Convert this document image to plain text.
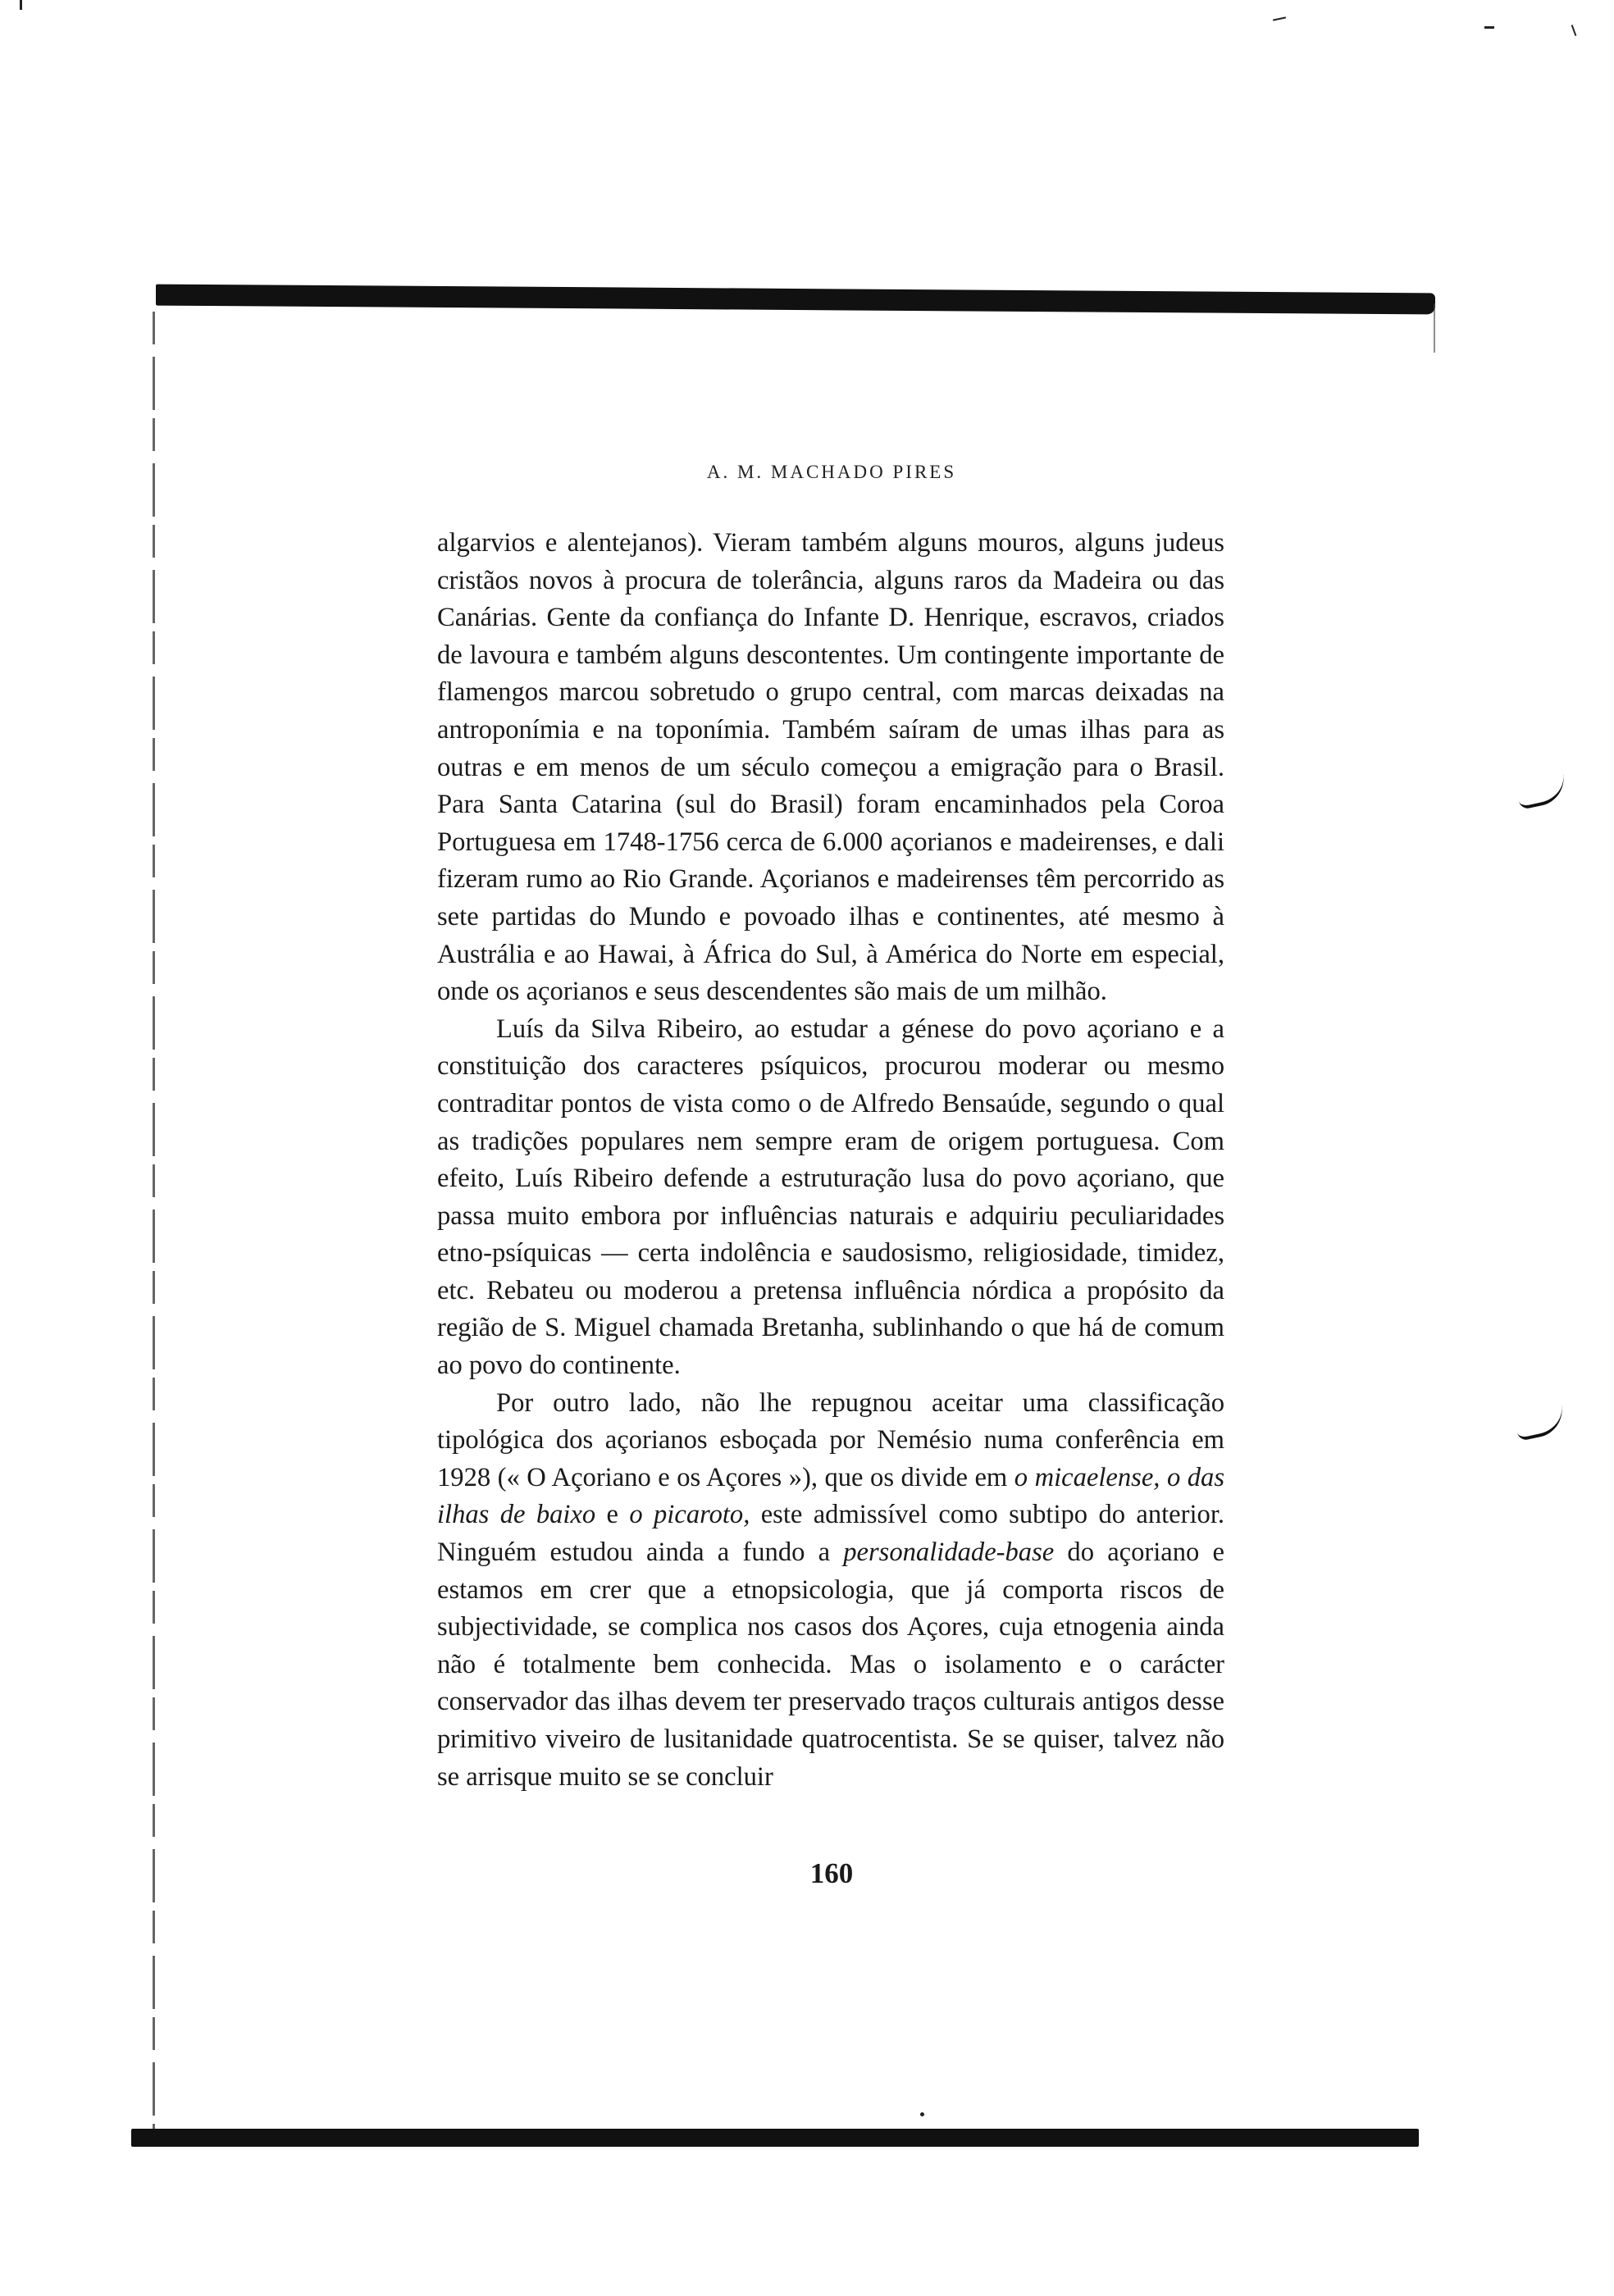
A. M. MACHADO PIRES

algarvios e alentejanos). Vieram também alguns mouros, alguns judeus cristãos novos à procura de tolerância, alguns raros da Madeira ou das Canárias. Gente da confiança do Infante D. Henrique, escravos, criados de lavoura e também alguns descontentes. Um contingente importante de flamengos marcou sobretudo o grupo central, com marcas deixadas na antroponímia e na toponímia. Também saíram de umas ilhas para as outras e em menos de um século começou a emigração para o Brasil. Para Santa Catarina (sul do Brasil) foram encaminhados pela Coroa Portuguesa em 1748-1756 cerca de 6.000 açorianos e madeirenses, e dali fizeram rumo ao Rio Grande. Açorianos e madeirenses têm percorrido as sete partidas do Mundo e povoado ilhas e continentes, até mesmo à Austrália e ao Hawai, à África do Sul, à América do Norte em especial, onde os açorianos e seus descendentes são mais de um milhão.

Luís da Silva Ribeiro, ao estudar a génese do povo açoriano e a constituição dos caracteres psíquicos, procurou moderar ou mesmo contraditar pontos de vista como o de Alfredo Bensaúde, segundo o qual as tradições populares nem sempre eram de origem portuguesa. Com efeito, Luís Ribeiro defende a estruturação lusa do povo açoriano, que passa muito embora por influências naturais e adquiriu peculiaridades etno-psíquicas — certa indolência e saudosismo, religiosidade, timidez, etc. Rebateu ou moderou a pretensa influência nórdica a propósito da região de S. Miguel chamada Bretanha, sublinhando o que há de comum ao povo do continente.

Por outro lado, não lhe repugnou aceitar uma classificação tipológica dos açorianos esboçada por Nemésio numa conferência em 1928 (« O Açoriano e os Açores »), que os divide em o micaelense, o das ilhas de baixo e o picaroto, este admissível como subtipo do anterior. Ninguém estudou ainda a fundo a personalidade-base do açoriano e estamos em crer que a etnopsicologia, que já comporta riscos de subjectividade, se complica nos casos dos Açores, cuja etnogenia ainda não é totalmente bem conhecida. Mas o isolamento e o carácter conservador das ilhas devem ter preservado traços culturais antigos desse primitivo viveiro de lusitanidade quatrocentista. Se se quiser, talvez não se arrisque muito se se concluir

160
